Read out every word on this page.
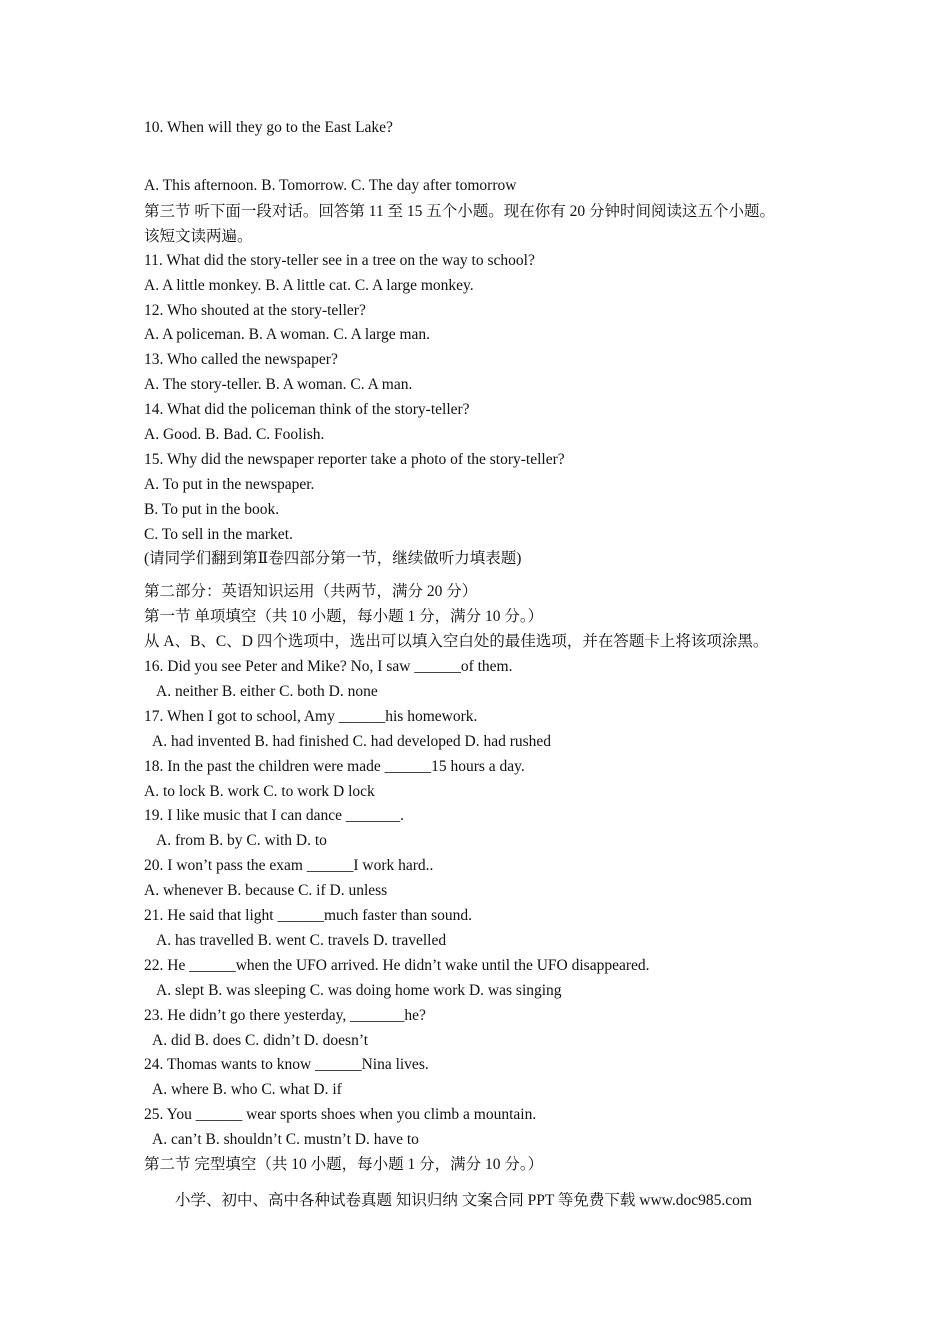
10. When will they go to the East Lake?
A. This afternoon. B. Tomorrow. C. The day after tomorrow
第三节 听下面一段对话。回答第 11 至 15 五个小题。现在你有 20 分钟时间阅读这五个小题。
该短文读两遍。
11. What did the story-teller see in a tree on the way to school?
A. A little monkey. B. A little cat. C. A large monkey.
12. Who shouted at the story-teller?
A. A policeman. B. A woman. C. A large man.
13. Who called the newspaper?
A. The story-teller. B. A woman. C. A man.
14. What did the policeman think of the story-teller?
A. Good. B. Bad. C. Foolish.
15. Why did the newspaper reporter take a photo of the story-teller?
A. To put in the newspaper.
B. To put in the book.
C. To sell in the market.
(请同学们翻到第Ⅱ卷四部分第一节，继续做听力填表题)
第二部分：英语知识运用（共两节，满分 20 分）
第一节 单项填空（共 10 小题，每小题 1 分，满分 10 分。）
从 A、B、C、D 四个选项中，选出可以填入空白处的最佳选项，并在答题卡上将该项涂黑。
16. Did you see Peter and Mike? No, I saw ______of them.
A. neither B. either C. both D. none
17. When I got to school, Amy ______his homework.
A. had invented B. had finished C. had developed D. had rushed
18. In the past the children were made ______15 hours a day.
A. to lock B. work C. to work D lock
19. I like music that I can dance _______.
A. from B. by C. with D. to
20. I won’t pass the exam ______I work hard..
A. whenever B. because C. if D. unless
21. He said that light ______much faster than sound.
A. has travelled B. went C. travels D. travelled
22. He ______when the UFO arrived. He didn’t wake until the UFO disappeared.
A. slept B. was sleeping C. was doing home work D. was singing
23. He didn’t go there yesterday, _______he?
A. did B. does C. didn’t D. doesn’t
24. Thomas wants to know ______Nina lives.
A. where B. who C. what D. if
25. You ______ wear sports shoes when you climb a mountain.
A. can’t B. shouldn’t C. mustn’t D. have to
第二节 完型填空（共 10 小题，每小题 1 分，满分 10 分。）
小学、初中、高中各种试卷真题 知识归纳 文案合同 PPT 等免费下载 www.doc985.com
